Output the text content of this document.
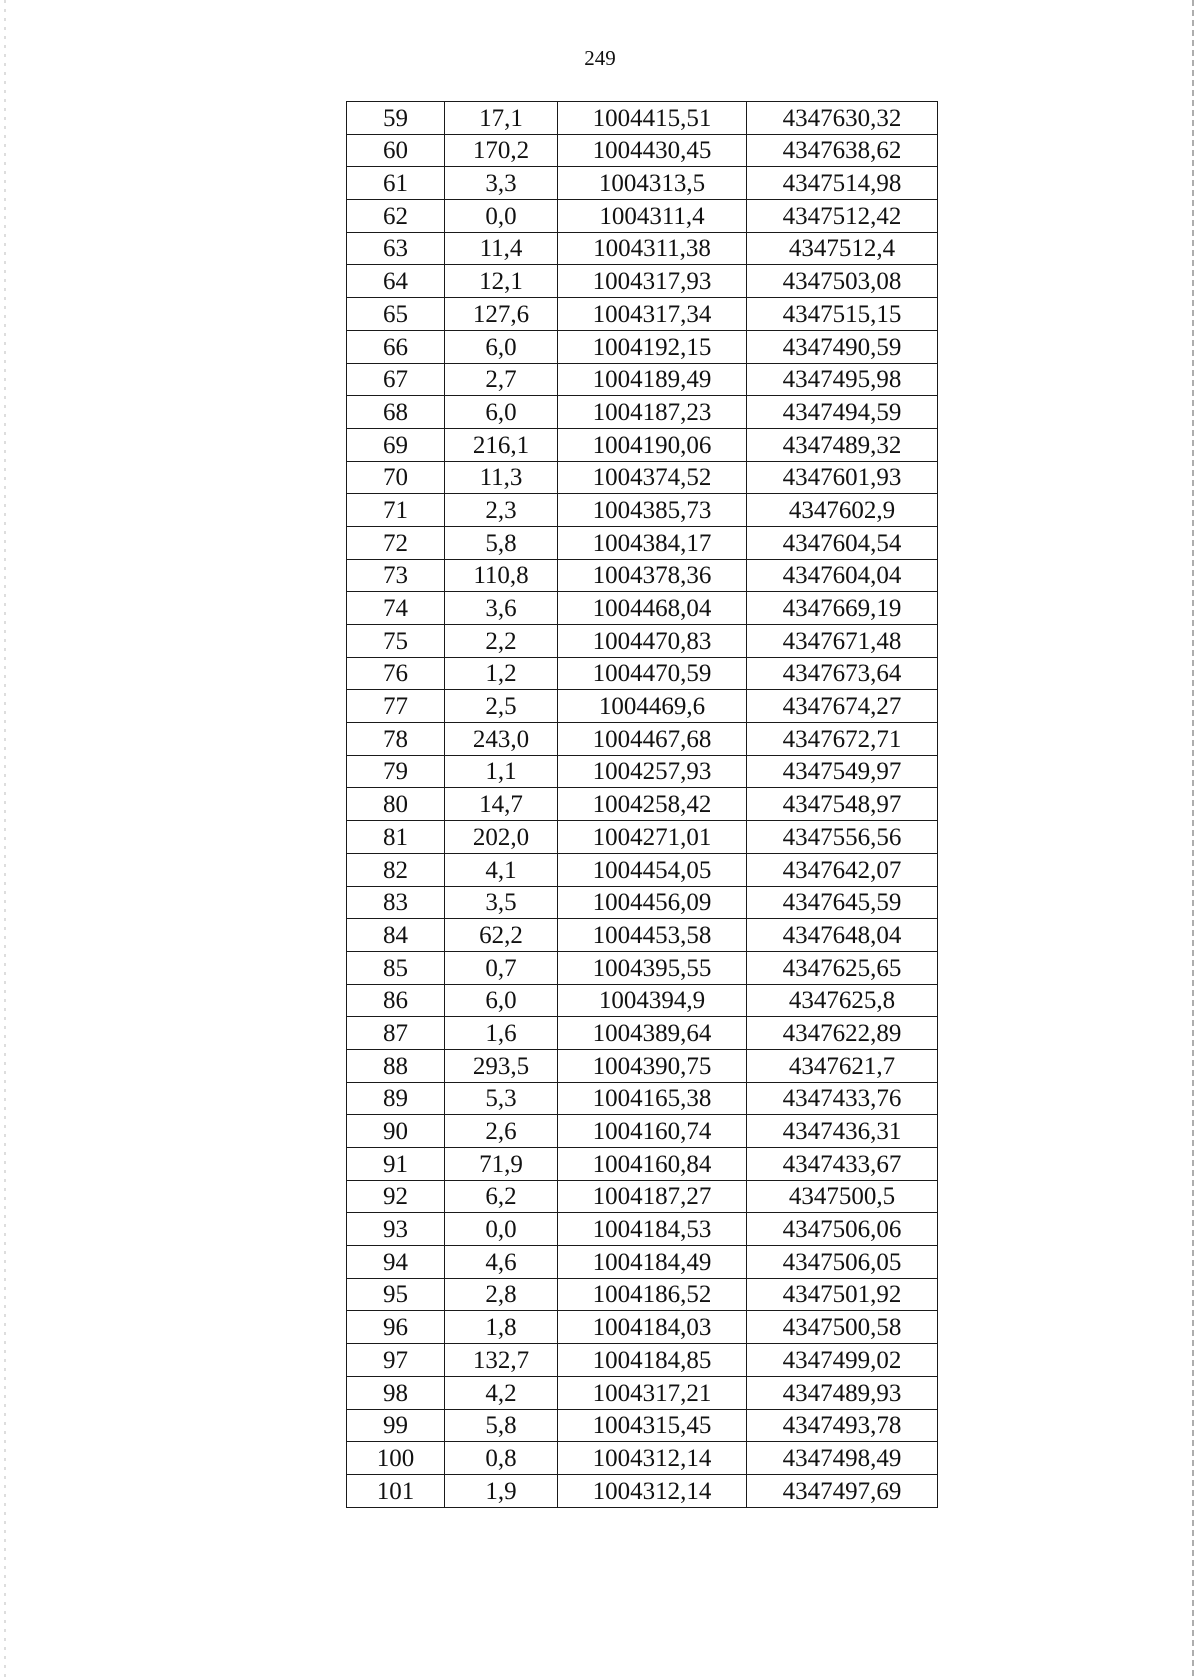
249
59	17,1	1004415,51	4347630,32
60	170,2	1004430,45	4347638,62
61	3,3	1004313,5	4347514,98
62	0,0	1004311,4	4347512,42
63	11,4	1004311,38	4347512,4
64	12,1	1004317,93	4347503,08
65	127,6	1004317,34	4347515,15
66	6,0	1004192,15	4347490,59
67	2,7	1004189,49	4347495,98
68	6,0	1004187,23	4347494,59
69	216,1	1004190,06	4347489,32
70	11,3	1004374,52	4347601,93
71	2,3	1004385,73	4347602,9
72	5,8	1004384,17	4347604,54
73	110,8	1004378,36	4347604,04
74	3,6	1004468,04	4347669,19
75	2,2	1004470,83	4347671,48
76	1,2	1004470,59	4347673,64
77	2,5	1004469,6	4347674,27
78	243,0	1004467,68	4347672,71
79	1,1	1004257,93	4347549,97
80	14,7	1004258,42	4347548,97
81	202,0	1004271,01	4347556,56
82	4,1	1004454,05	4347642,07
83	3,5	1004456,09	4347645,59
84	62,2	1004453,58	4347648,04
85	0,7	1004395,55	4347625,65
86	6,0	1004394,9	4347625,8
87	1,6	1004389,64	4347622,89
88	293,5	1004390,75	4347621,7
89	5,3	1004165,38	4347433,76
90	2,6	1004160,74	4347436,31
91	71,9	1004160,84	4347433,67
92	6,2	1004187,27	4347500,5
93	0,0	1004184,53	4347506,06
94	4,6	1004184,49	4347506,05
95	2,8	1004186,52	4347501,92
96	1,8	1004184,03	4347500,58
97	132,7	1004184,85	4347499,02
98	4,2	1004317,21	4347489,93
99	5,8	1004315,45	4347493,78
100	0,8	1004312,14	4347498,49
101	1,9	1004312,14	4347497,69
